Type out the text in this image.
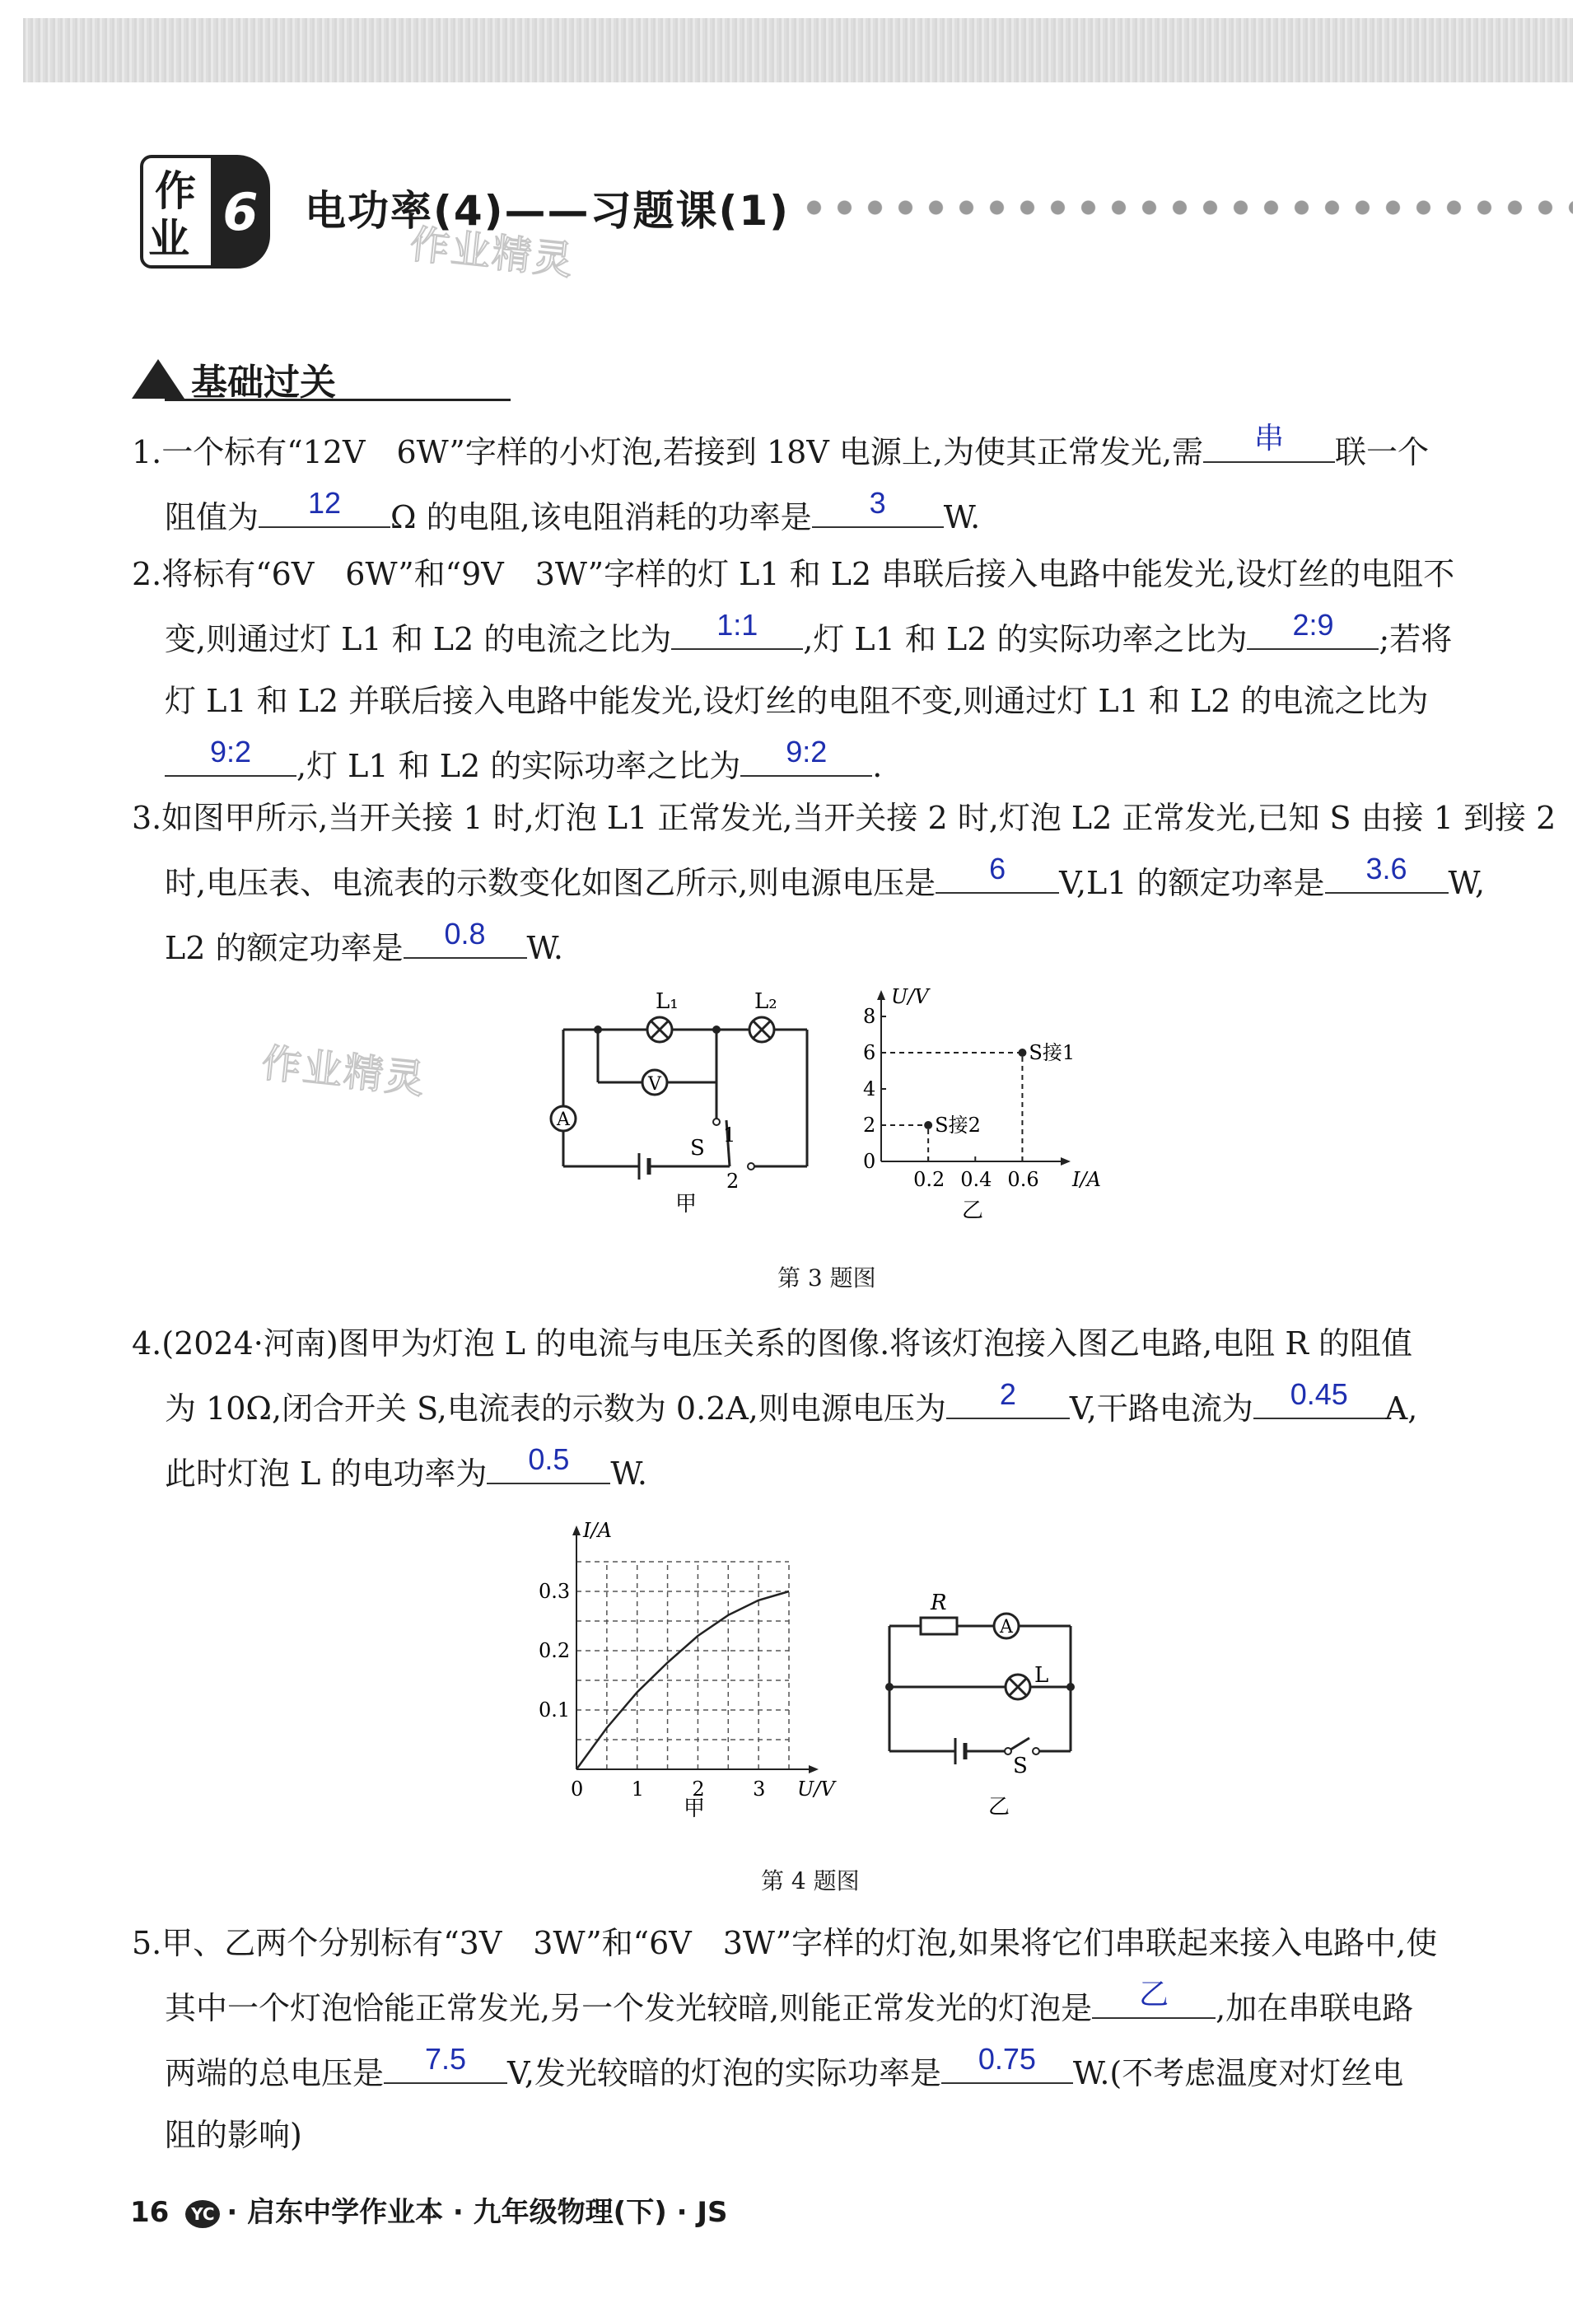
作
业 6 电功率(4)——习题课(1)
作业精灵
作业精灵
基础过关

1.一个标有“12V　6W”字样的小灯泡,若接到 18V 电源上,为使其正常发光,需	串	联一个

阻值为	12	Ω 的电阻,该电阻消耗的功率是	3	W.

2.将标有“6V　6W”和“9V　3W”字样的灯 L1 和 L2 串联后接入电路中能发光,设灯丝的电阻不

变,则通过灯 L1 和 L2 的电流之比为	1:1	,灯 L1 和 L2 的实际功率之比为	2:9	;若将

灯 L1 和 L2 并联后接入电路中能发光,设灯丝的电阻不变,则通过灯 L1 和 L2 的电流之比为

9:2	,灯 L1 和 L2 的实际功率之比为	9:2	.

3.如图甲所示,当开关接 1 时,灯泡 L1 正常发光,当开关接 2 时,灯泡 L2 正常发光,已知 S 由接 1 到接 2

时,电压表、电流表的示数变化如图乙所示,则电源电压是	6	V,L1 的额定功率是	3.6	W,

L2 的额定功率是	0.8	W.

L₁	L₂
V
A
S
1
2
甲
U/V
I/A
0
2
4
6
8
0.2 0.4 0.6
S接2
S接1
乙
第 3 题图

4.(2024·河南)图甲为灯泡 L 的电流与电压关系的图像.将该灯泡接入图乙电路,电阻 R 的阻值

为 10Ω,闭合开关 S,电流表的示数为 0.2A,则电源电压为	2	V,干路电流为	0.45	A,

此时灯泡 L 的电功率为	0.5	W.

I/A
U/V
0.1
0.2
0.3
0 1 2 3
甲
R
A
L
S
乙
第 4 题图

5.甲、乙两个分别标有“3V　3W”和“6V　3W”字样的灯泡,如果将它们串联起来接入电路中,使

其中一个灯泡恰能正常发光,另一个发光较暗,则能正常发光的灯泡是	乙	,加在串联电路

两端的总电压是	7.5	V,发光较暗的灯泡的实际功率是	0.75	W.(不考虑温度对灯丝电

阻的影响)

16 YC · 启东中学作业本 · 九年级物理(下) · JS
